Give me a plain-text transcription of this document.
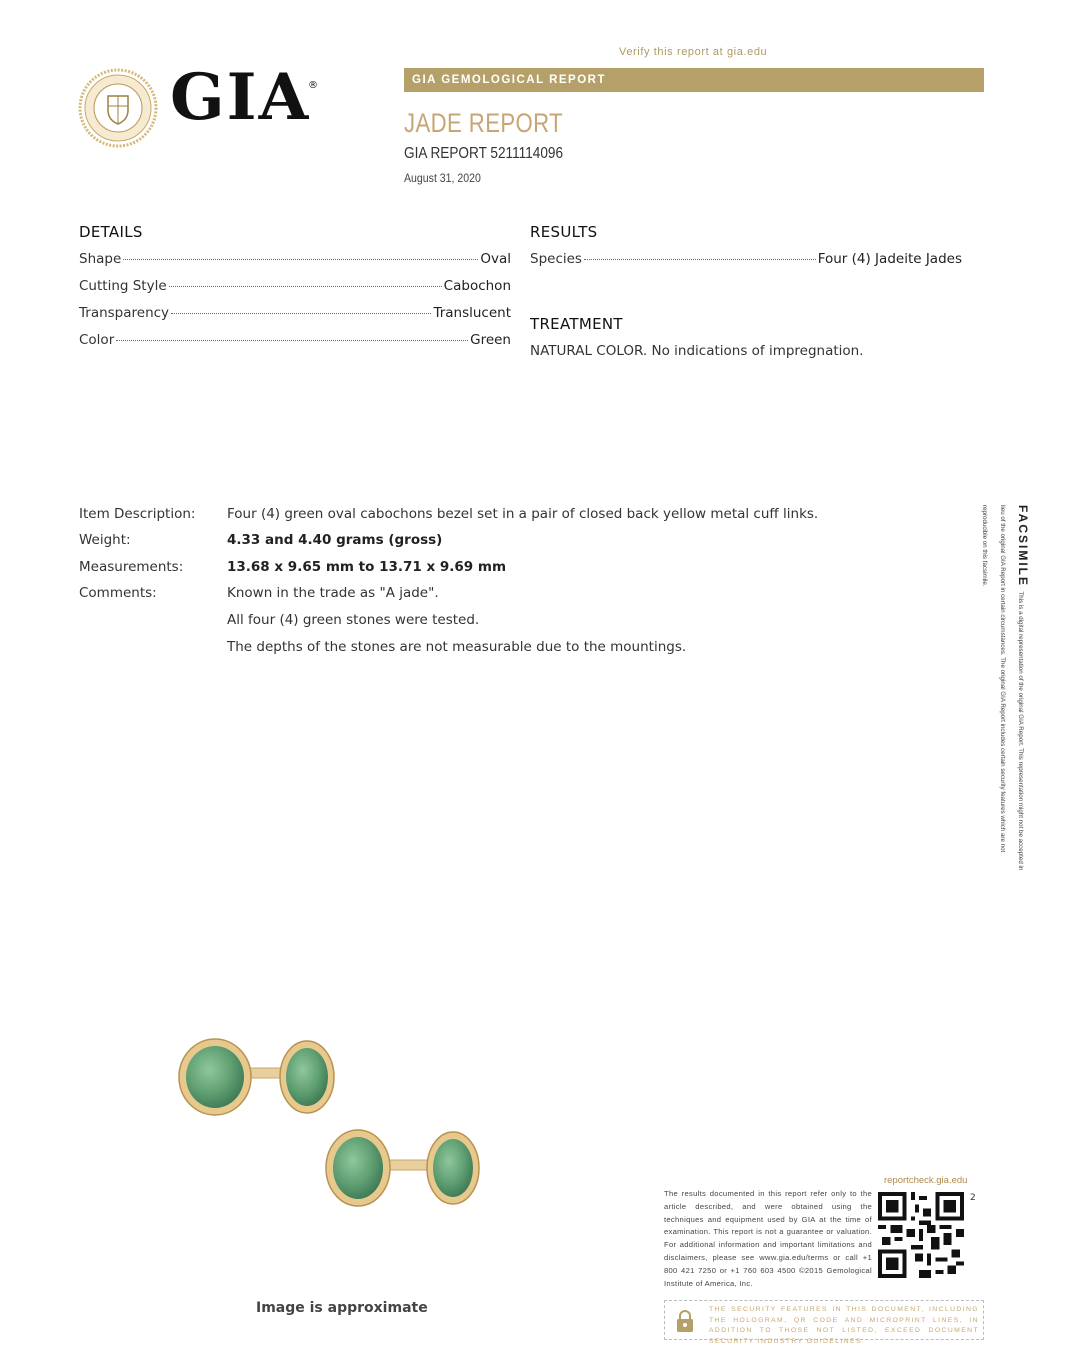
Verify this report at gia.edu
GIA
®	GIA GEMOLOGICAL REPORT
JADE REPORT
GIA REPORT 5211114096
August 31, 2020
DETAILS
Shape	Oval
Cutting Style	Cabochon
Transparency	Translucent
Color	Green
RESULTS
Species	Four (4) Jadeite Jades
TREATMENT
NATURAL COLOR. No indications of impregnation.
Item Description: Four (4) green oval cabochons bezel set in a pair of closed back yellow metal cuff links.
Weight:	4.33 and 4.40 grams (gross)
Measurements:	13.68 x 9.65 mm to 13.71 x 9.69 mm
Comments:	Known in the trade as "A jade".
All four (4) green stones were tested.
The depths of the stones are not measurable due to the mountings.
FACSIMILE This is a digital representation of the original GIA Report. This representation might not be accepted in lieu of the original GIA Report in certain circumstances. The original GIA Report includes certain security features which are not reproducible on this facsimile.
Image is approximate
reportcheck.gia.edu
The results documented in this report refer only to the article described, and were obtained using the techniques and equipment used by GIA at the time of examination. This report is not a guarantee or valuation. For additional information and important limitations and disclaimers, please see www.gia.edu/terms or call +1 800 421 7250 or +1 760 603 4500 ©2015 Gemological Institute of America, Inc.
2
THE SECURITY FEATURES IN THIS DOCUMENT, INCLUDING THE HOLOGRAM, QR CODE AND MICROPRINT LINES, IN ADDITION TO THOSE NOT LISTED, EXCEED DOCUMENT SECURITY INDUSTRY GUIDELINES.
